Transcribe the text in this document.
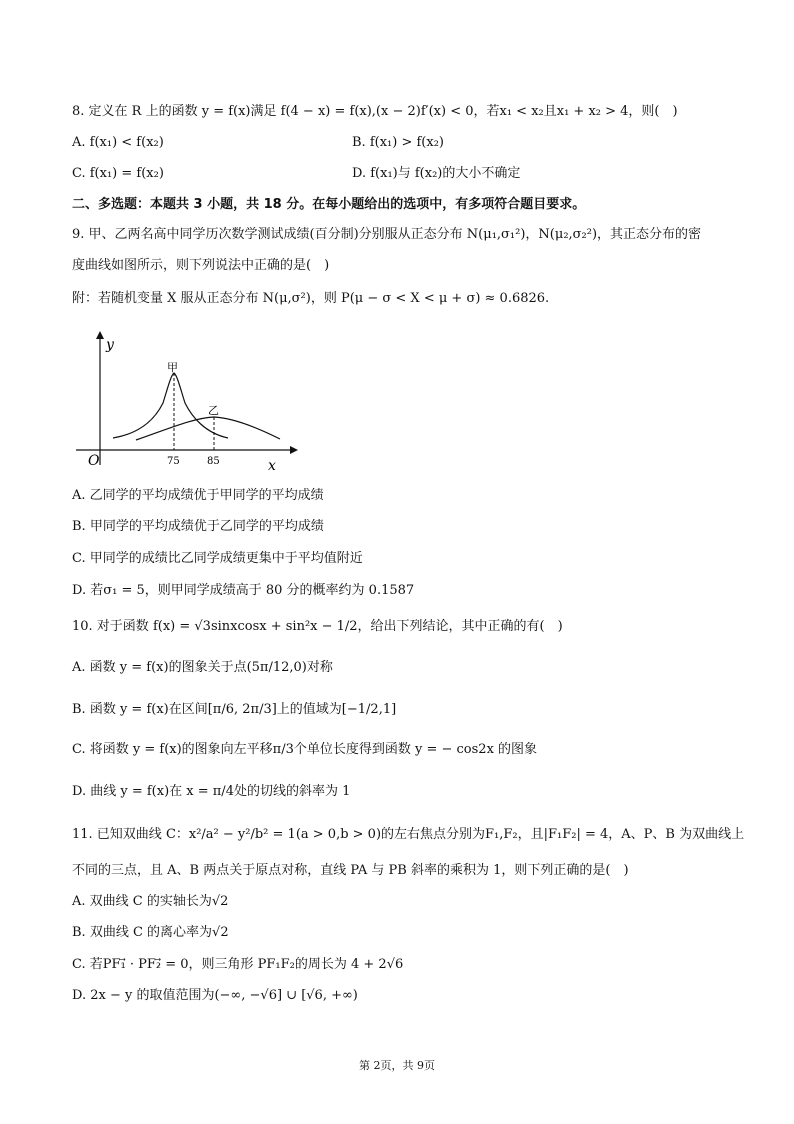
8. 定义在 R 上的函数 y = f(x)满足 f(4 − x) = f(x),(x − 2)f′(x) < 0，若x₁ < x₂且x₁ + x₂ > 4，则(　)
A. f(x₁) < f(x₂)	B. f(x₁) > f(x₂)
C. f(x₁) = f(x₂)	D. f(x₁)与 f(x₂)的大小不确定
二、多选题：本题共 3 小题，共 18 分。在每小题给出的选项中，有多项符合题目要求。
9. 甲、乙两名高中同学历次数学测试成绩(百分制)分别服从正态分布 N(μ₁,σ₁²)，N(μ₂,σ₂²)，其正态分布的密
度曲线如图所示，则下列说法中正确的是(　)
附：若随机变量 X 服从正态分布 N(μ,σ²)，则 P(μ − σ < X < μ + σ) ≈ 0.6826.
y
x
O
甲
乙
75	85
A. 乙同学的平均成绩优于甲同学的平均成绩
B. 甲同学的平均成绩优于乙同学的平均成绩
C. 甲同学的成绩比乙同学成绩更集中于平均值附近
D. 若σ₁ = 5，则甲同学成绩高于 80 分的概率约为 0.1587
10. 对于函数 f(x) = √3sinxcosx + sin²x − 1/2，给出下列结论，其中正确的有(　)
A. 函数 y = f(x)的图象关于点(5π/12,0)对称
B. 函数 y = f(x)在区间[π/6, 2π/3]上的值域为[−1/2,1]
C. 将函数 y = f(x)的图象向左平移π/3个单位长度得到函数 y = − cos2x 的图象
D. 曲线 y = f(x)在 x = π/4处的切线的斜率为 1
11. 已知双曲线 C：x²/a² − y²/b² = 1(a > 0,b > 0)的左右焦点分别为F₁,F₂，且|F₁F₂| = 4，A、P、B 为双曲线上
不同的三点，且 A、B 两点关于原点对称，直线 PA 与 PB 斜率的乘积为 1，则下列正确的是(　)
A. 双曲线 C 的实轴长为√2
B. 双曲线 C 的离心率为√2
C. 若PF₁⃗ · PF₂⃗ = 0，则三角形 PF₁F₂的周长为 4 + 2√6
D. 2x − y 的取值范围为(−∞, −√6] ∪ [√6, +∞)
第 2页，共 9页
